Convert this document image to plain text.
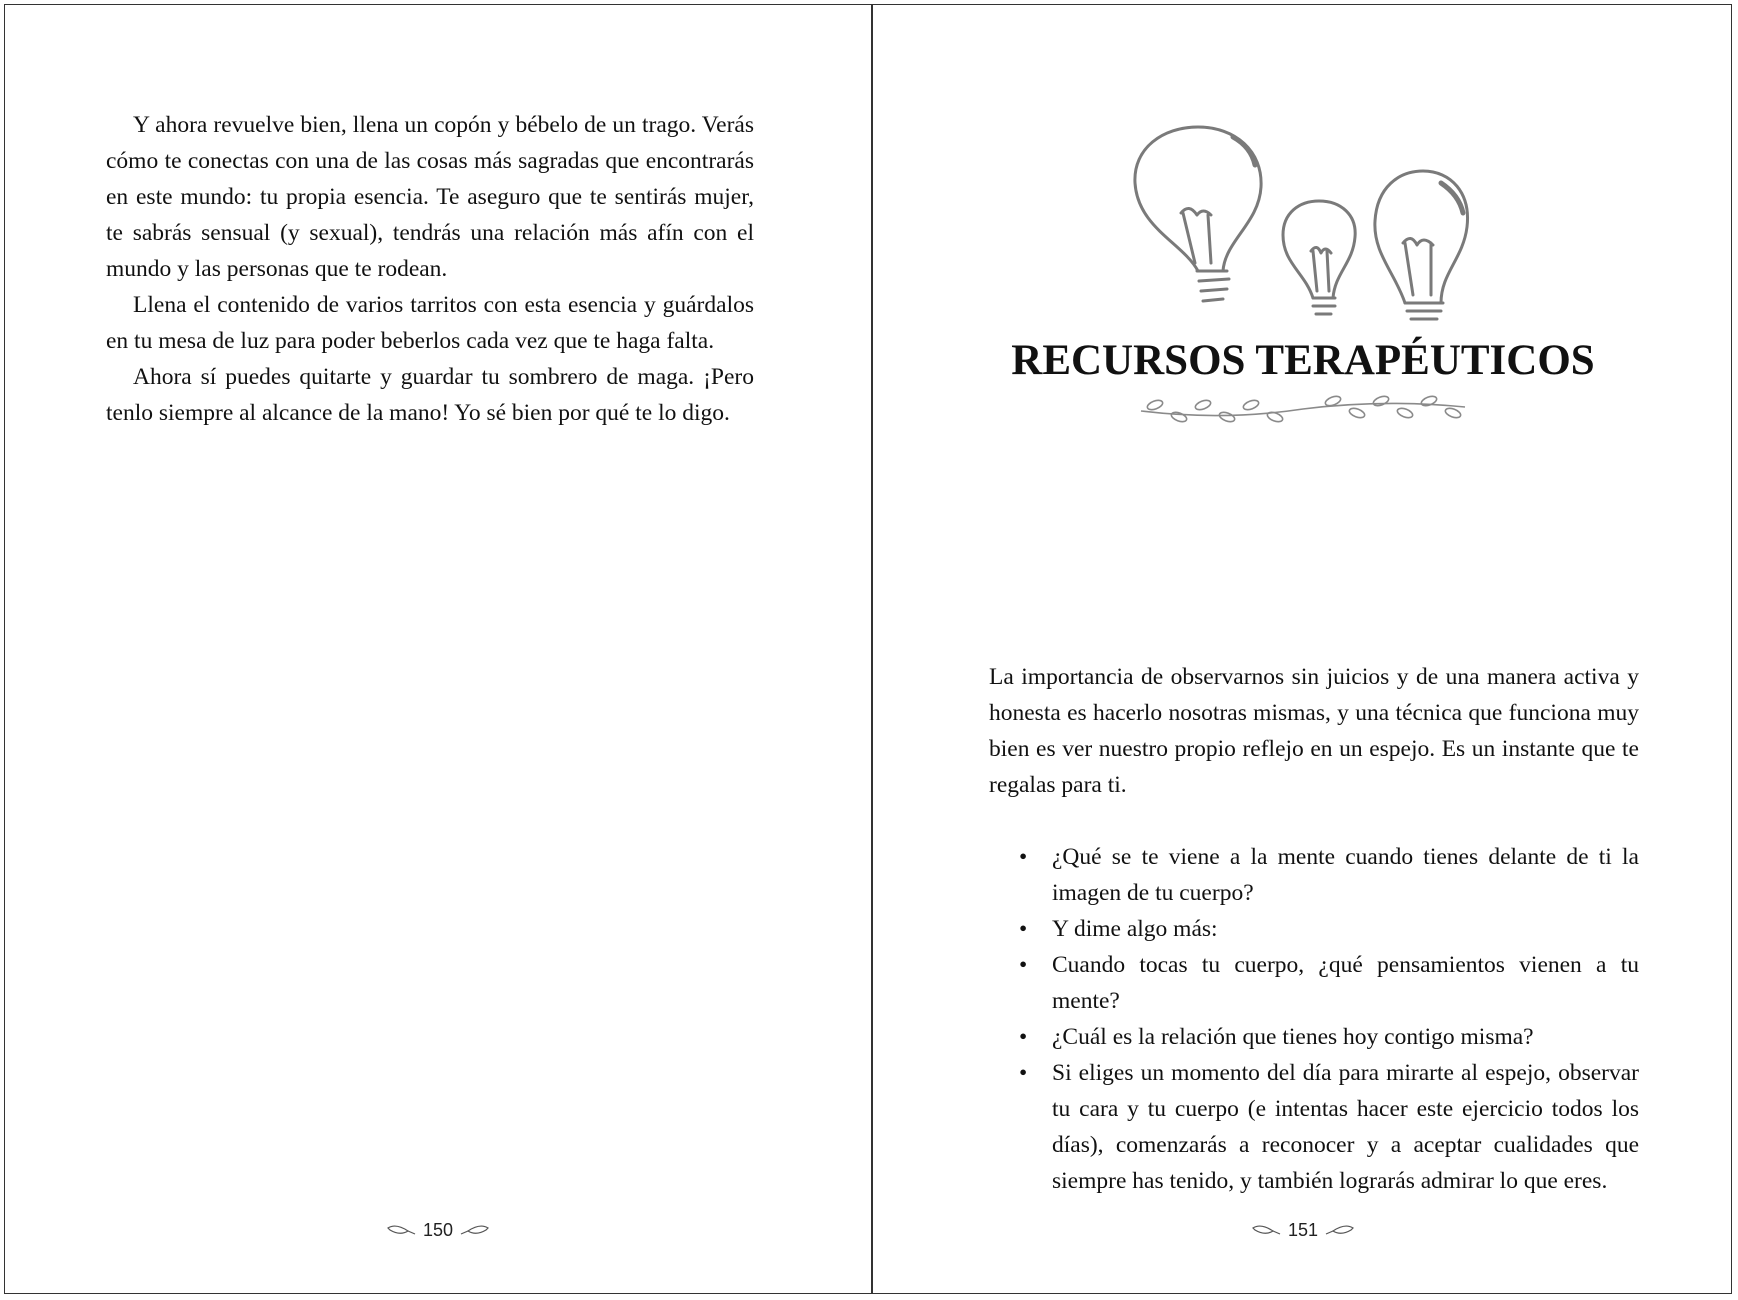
Y ahora revuelve bien, llena un copón y bébelo de un trago. Verás cómo te conectas con una de las cosas más sagradas que encontrarás en este mundo: tu propia esencia. Te aseguro que te sentirás mujer, te sabrás sensual (y sexual), tendrás una relación más afín con el mundo y las personas que te rodean.

Llena el contenido de varios tarritos con esta esencia y guárdalos en tu mesa de luz para poder beberlos cada vez que te haga falta.

Ahora sí puedes quitarte y guardar tu sombrero de maga. ¡Pero tenlo siempre al alcance de la mano! Yo sé bien por qué te lo digo.

150
RECURSOS TERAPÉUTICOS

La importancia de observarnos sin juicios y de una manera activa y honesta es hacerlo nosotras mismas, y una técnica que funciona muy bien es ver nuestro propio reflejo en un espejo. Es un instante que te regalas para ti.

• ¿Qué se te viene a la mente cuando tienes delante de ti la imagen de tu cuerpo?
• Y dime algo más:
• Cuando tocas tu cuerpo, ¿qué pensamientos vienen a tu mente?
• ¿Cuál es la relación que tienes hoy contigo misma?
• Si eliges un momento del día para mirarte al espejo, observar tu cara y tu cuerpo (e intentas hacer este ejercicio todos los días), comenzarás a reconocer y a aceptar cualidades que siempre has tenido, y también lograrás admirar lo que eres.
151
